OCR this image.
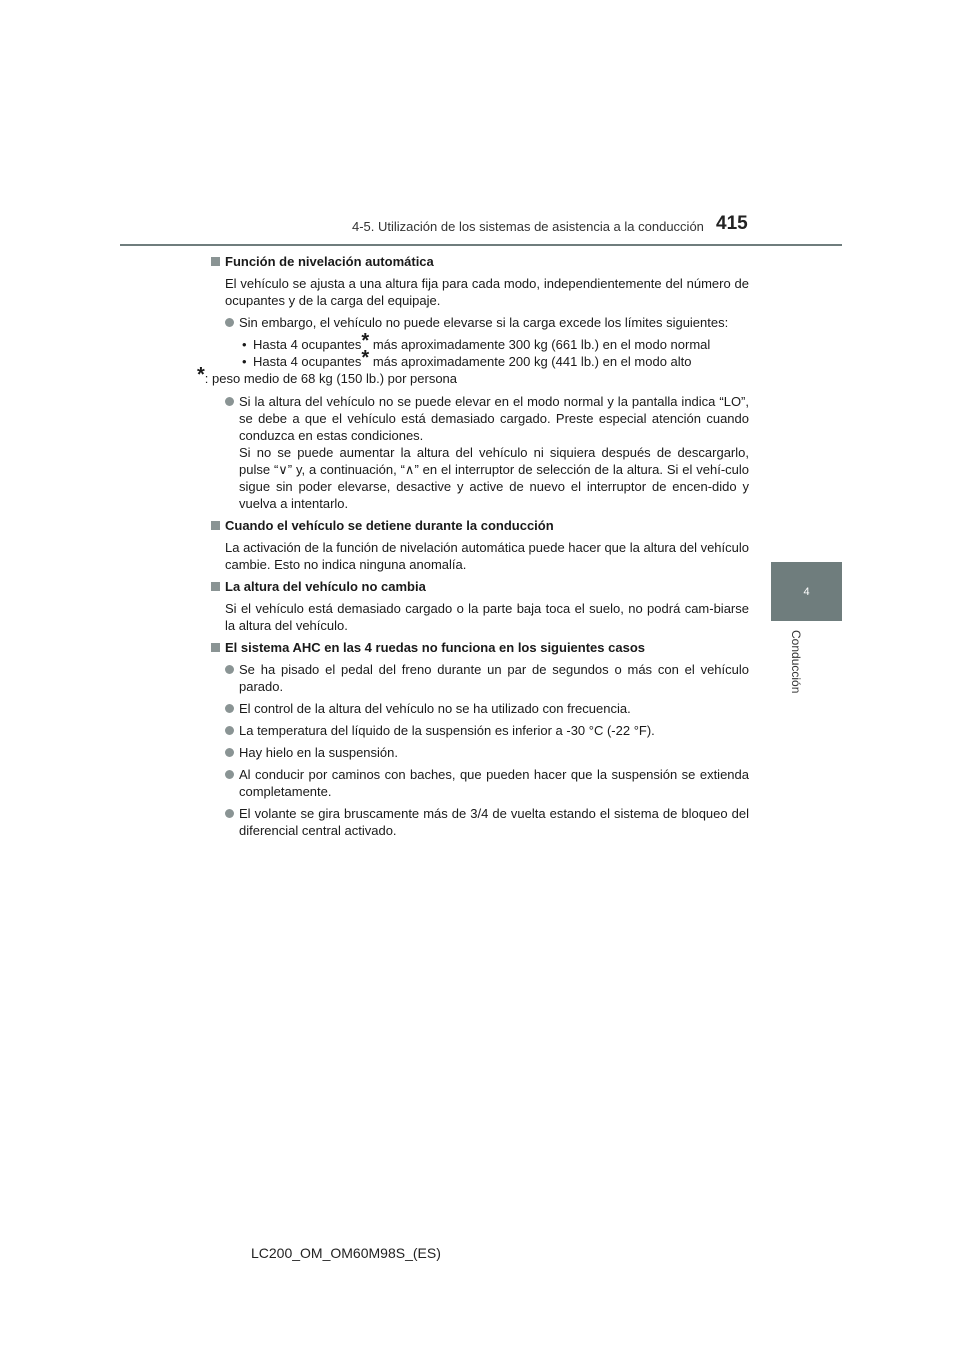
4-5. Utilización de los sistemas de asistencia a la conducción 415
4
Conducción
Función de nivelación automática
El vehículo se ajusta a una altura fija para cada modo, independientemente del número de ocupantes y de la carga del equipaje.

Sin embargo, el vehículo no puede elevarse si la carga excede los límites siguientes:

• Hasta 4 ocupantes* más aproximadamente 300 kg (661 lb.) en el modo normal
• Hasta 4 ocupantes* más aproximadamente 200 kg (441 lb.) en el modo alto
*: peso medio de 68 kg (150 lb.) por persona

Si la altura del vehículo no se puede elevar en el modo normal y la pantalla indica “LO”, se debe a que el vehículo está demasiado cargado. Preste especial atención cuando conduzca en estas condiciones.

Si no se puede aumentar la altura del vehículo ni siquiera después de descargarlo, pulse “∨” y, a continuación, “∧” en el interruptor de selección de la altura. Si el vehí-culo sigue sin poder elevarse, desactive y active de nuevo el interruptor de encen-dido y vuelva a intentarlo.

Cuando el vehículo se detiene durante la conducción
La activación de la función de nivelación automática puede hacer que la altura del vehículo cambie. Esto no indica ninguna anomalía.
La altura del vehículo no cambia
Si el vehículo está demasiado cargado o la parte baja toca el suelo, no podrá cam-biarse la altura del vehículo.
El sistema AHC en las 4 ruedas no funciona en los siguientes casos

Se ha pisado el pedal del freno durante un par de segundos o más con el vehículo parado.

El control de la altura del vehículo no se ha utilizado con frecuencia.

La temperatura del líquido de la suspensión es inferior a -30 °C (-22 °F).

Hay hielo en la suspensión.

Al conducir por caminos con baches, que pueden hacer que la suspensión se extienda completamente.

El volante se gira bruscamente más de 3/4 de vuelta estando el sistema de bloqueo del diferencial central activado.

LC200_OM_OM60M98S_(ES)
